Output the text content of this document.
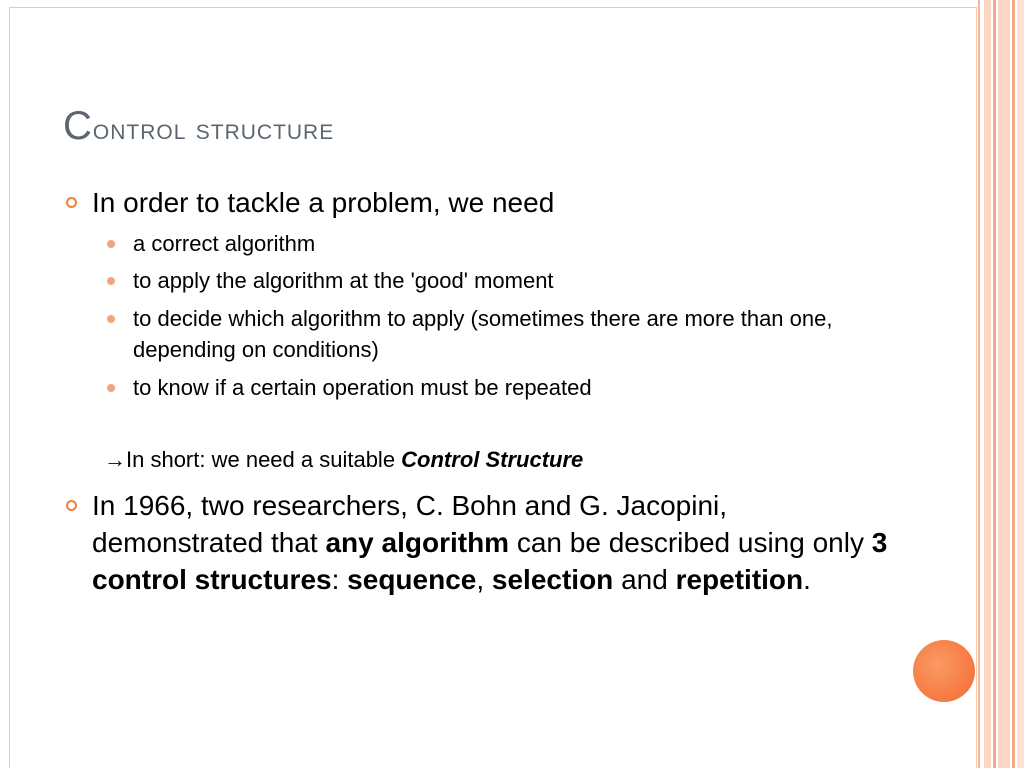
Control structure
In order to tackle a problem, we need
a correct algorithm
to apply the algorithm at the 'good' moment
to decide which algorithm to apply (sometimes there are more than one, depending on conditions)
to know if a certain operation must be repeated
→In short: we need a suitable Control Structure
In 1966, two researchers, C. Bohn and G. Jacopini, demonstrated that any algorithm can be described using only 3 control structures: sequence, selection and repetition.
